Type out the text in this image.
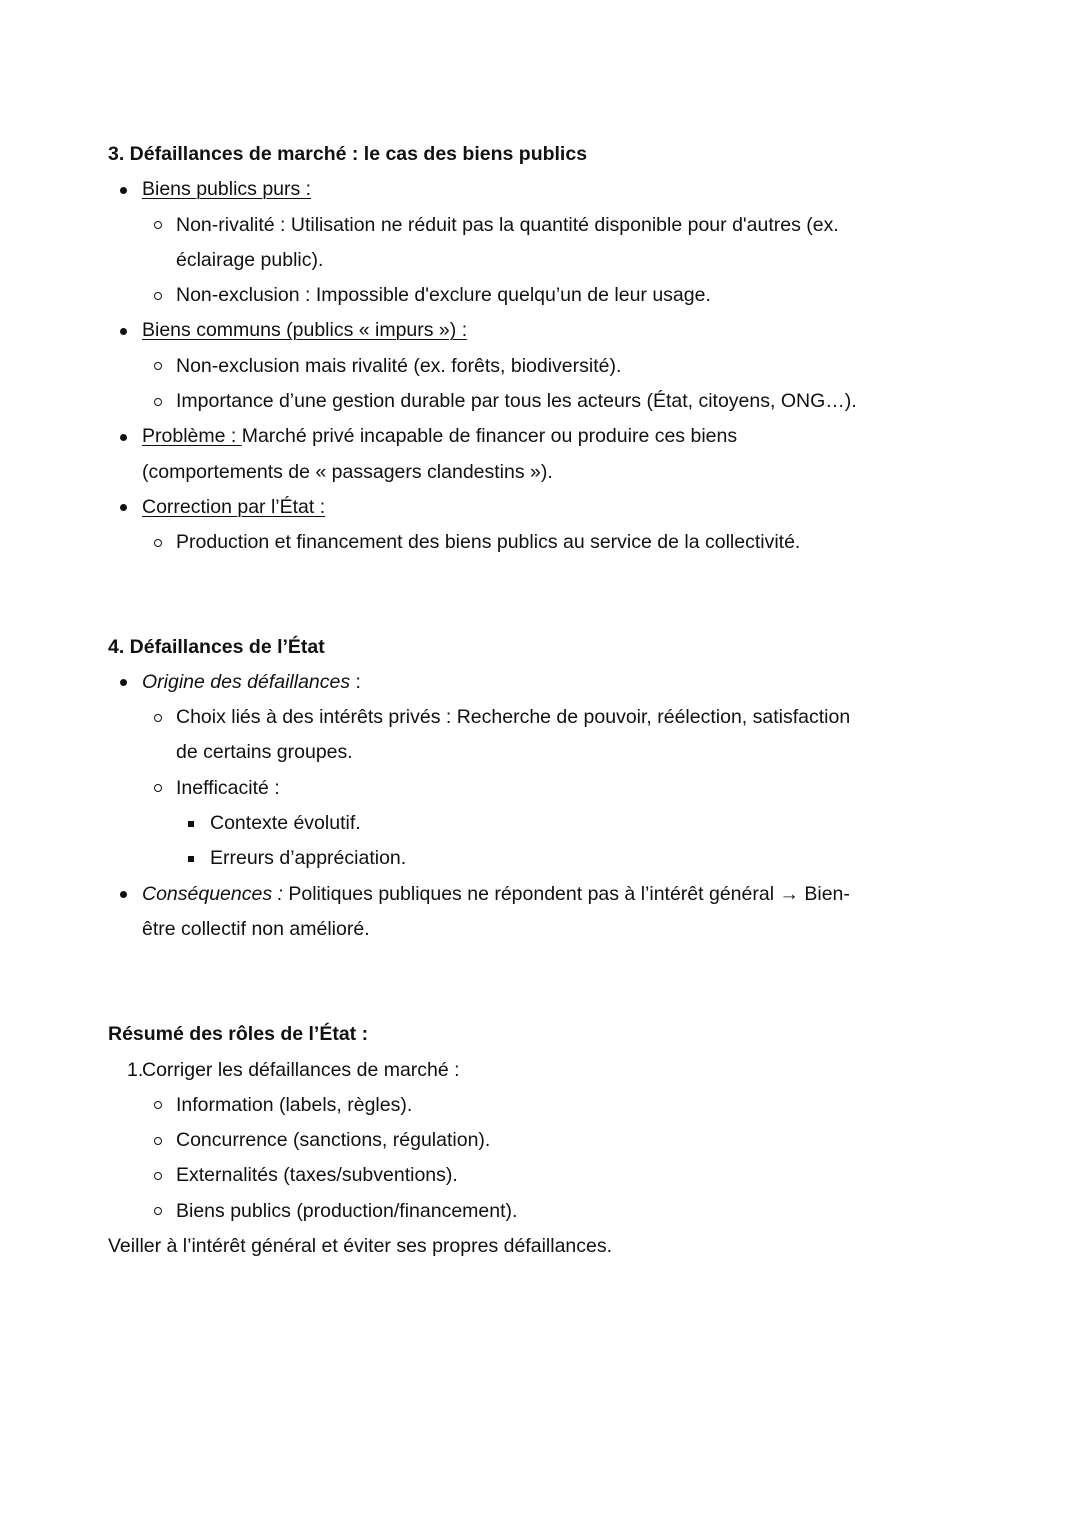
3. Défaillances de marché : le cas des biens publics
Biens publics purs :
Non-rivalité : Utilisation ne réduit pas la quantité disponible pour d'autres (ex.
éclairage public).
Non-exclusion : Impossible d'exclure quelqu’un de leur usage.
Biens communs (publics « impurs ») :
Non-exclusion mais rivalité (ex. forêts, biodiversité).
Importance d’une gestion durable par tous les acteurs (État, citoyens, ONG…).
Problème : Marché privé incapable de financer ou produire ces biens
(comportements de « passagers clandestins »).
Correction par l’État :
Production et financement des biens publics au service de la collectivité.
4. Défaillances de l’État
Origine des défaillances :
Choix liés à des intérêts privés : Recherche de pouvoir, réélection, satisfaction
de certains groupes.
Inefficacité :
Contexte évolutif.
Erreurs d’appréciation.
Conséquences : Politiques publiques ne répondent pas à l’intérêt général → Bien-
être collectif non amélioré.
Résumé des rôles de l’État :
1.
Corriger les défaillances de marché :
Information (labels, règles).
Concurrence (sanctions, régulation).
Externalités (taxes/subventions).
Biens publics (production/financement).
Veiller à l’intérêt général et éviter ses propres défaillances.
